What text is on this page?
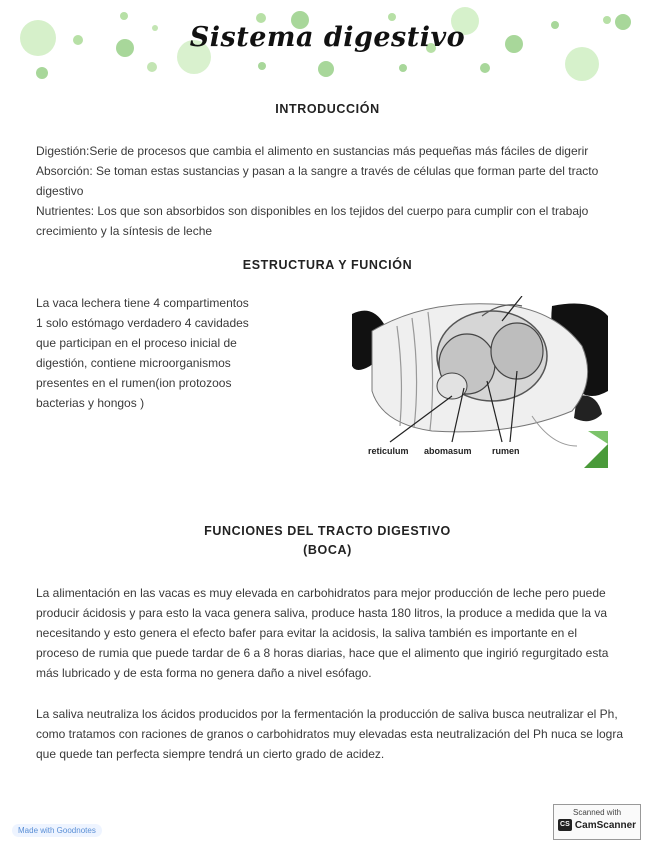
Sistema digestivo
INTRODUCCIÓN
Digestión:Serie de procesos que cambia el alimento en sustancias más pequeñas más fáciles de digerir
Absorción: Se toman estas sustancias y pasan a la sangre a través de células que forman parte del tracto
digestivo
Nutrientes: Los que son absorbidos son disponibles en los tejidos del cuerpo para cumplir con el trabajo
crecimiento y la síntesis de leche
ESTRUCTURA Y FUNCIÓN
La vaca lechera tiene 4 compartimentos
1 solo estómago verdadero 4 cavidades
que participan en el proceso inicial de
digestión, contiene microorganismos
presentes en el rumen(ion protozoos
bacterias y hongos )
reticulum abomasum rumen
FUNCIONES DEL TRACTO DIGESTIVO
(BOCA)
La alimentación en las vacas es muy elevada en carbohidratos para mejor producción de leche pero puede
producir ácidosis y para esto la vaca genera saliva, produce hasta 180 litros, la produce a medida que la va
necesitando y esto genera el efecto bafer para evitar la acidosis, la saliva también es importante en el
proceso de rumia que puede tardar de 6 a 8 horas diarias, hace que el alimento que ingirió regurgitado esta
más lubricado y de esta forma no genera daño a nivel esófago.
La saliva neutraliza los ácidos producidos por la fermentación la producción de saliva busca neutralizar el Ph,
como tratamos con raciones de granos o carbohidratos muy elevadas esta neutralización del Ph nuca se logra
que quede tan perfecta siempre tendrá un cierto grado de acidez.
Made with Goodnotes
Scanned with
CS CamScanner
